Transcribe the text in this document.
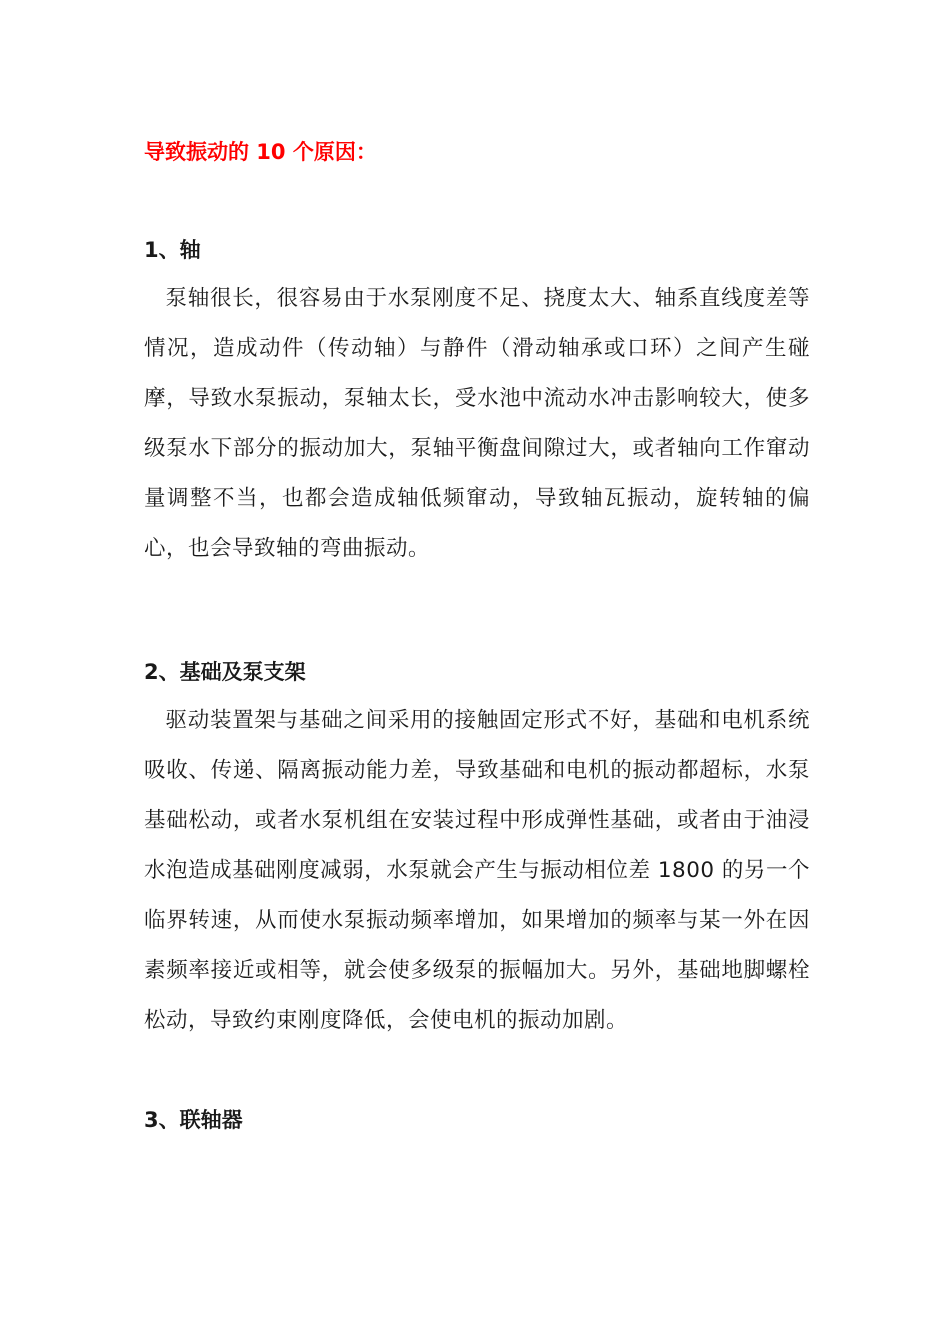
导致振动的 10 个原因：
1、轴
泵轴很长，很容易由于水泵刚度不足、挠度太大、轴系直线度差等情况，造成动件（传动轴）与静件（滑动轴承或口环）之间产生碰摩，导致水泵振动，泵轴太长，受水池中流动水冲击影响较大，使多级泵水下部分的振动加大，泵轴平衡盘间隙过大，或者轴向工作窜动量调整不当，也都会造成轴低频窜动，导致轴瓦振动，旋转轴的偏心，也会导致轴的弯曲振动。
2、基础及泵支架
驱动装置架与基础之间采用的接触固定形式不好，基础和电机系统吸收、传递、隔离振动能力差，导致基础和电机的振动都超标，水泵基础松动，或者水泵机组在安装过程中形成弹性基础，或者由于油浸水泡造成基础刚度减弱，水泵就会产生与振动相位差 1800 的另一个临界转速，从而使水泵振动频率增加，如果增加的频率与某一外在因素频率接近或相等，就会使多级泵的振幅加大。另外，基础地脚螺栓松动，导致约束刚度降低，会使电机的振动加剧。
3、联轴器
